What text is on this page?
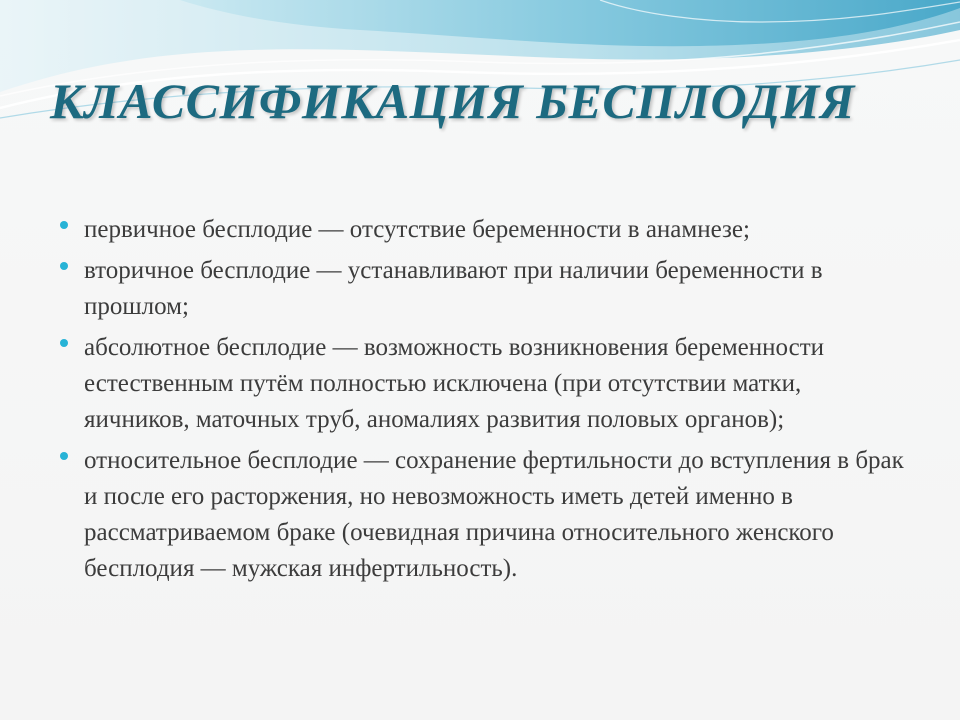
КЛАССИФИКАЦИЯ БЕСПЛОДИЯ
первичное бесплодие — отсутствие беременности в анамнезе;
вторичное бесплодие — устанавливают при наличии беременности в прошлом;
абсолютное бесплодие — возможность возникновения беременности естественным путём полностью исключена (при отсутствии матки, яичников, маточных труб, аномалиях развития половых органов);
относительное бесплодие — сохранение фертильности до вступления в брак и после его расторжения, но невозможность иметь детей именно в рассматриваемом браке (очевидная причина относительного женского бесплодия — мужская инфертильность).
